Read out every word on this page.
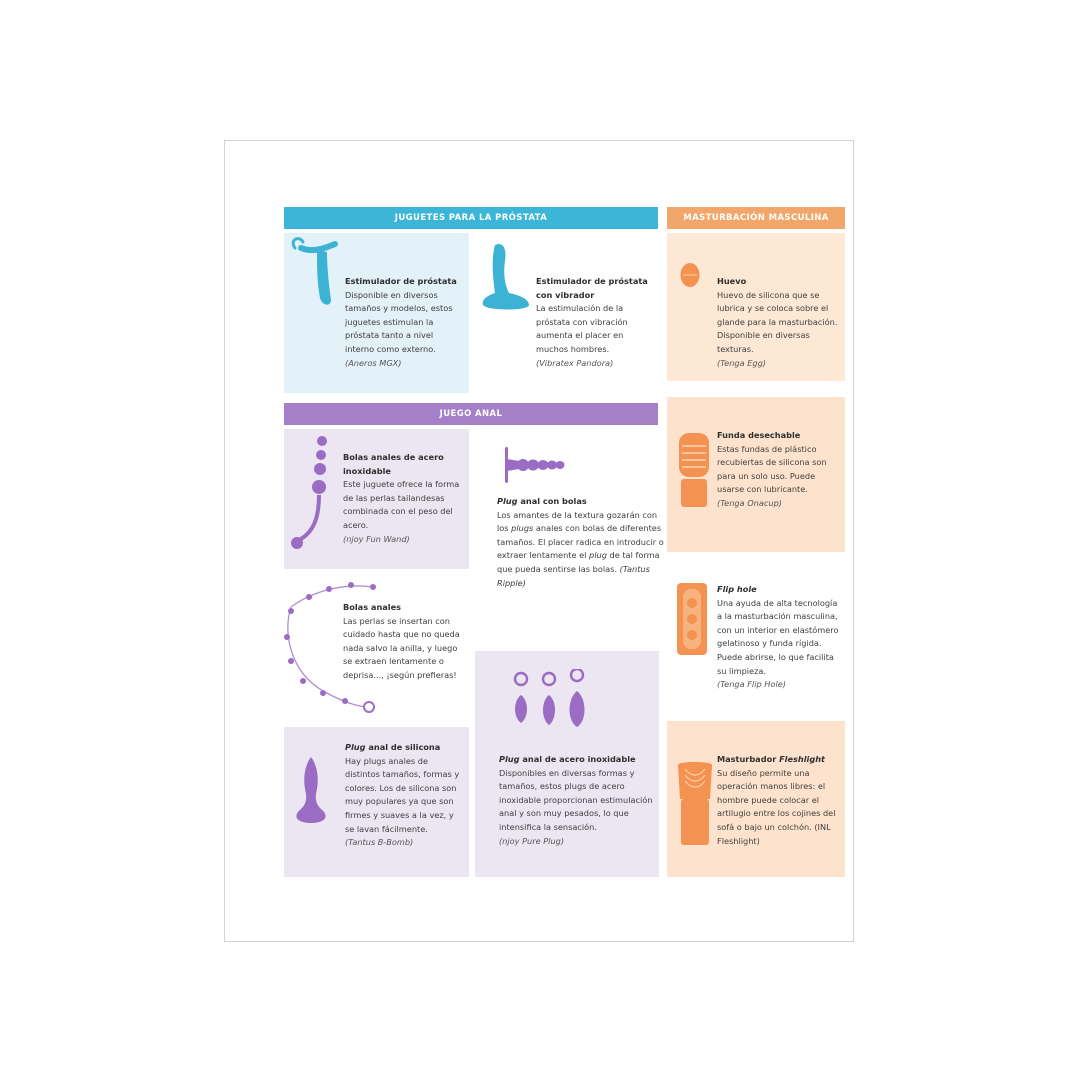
JUGUETES PARA LA PRÓSTATA	MASTURBACIÓN MASCULINA
Estimulador de próstata
Disponible en diversos tamaños y modelos, estos juguetes estimulan la próstata tanto a nivel interno como externo.
(Aneros MGX)
Estimulador de próstata con vibrador
La estimulación de la próstata con vibración aumenta el placer en muchos hombres.
(Vibratex Pandora)
Huevo
Huevo de silicona que se lubrica y se coloca sobre el glande para la masturbación. Disponible en diversas texturas.
(Tenga Egg)
Funda desechable
Estas fundas de plástico recubiertas de silicona son para un solo uso. Puede usarse con lubricante.
(Tenga Onacup)
Flip hole
Una ayuda de alta tecnología a la masturbación masculina, con un interior en elastómero gelatinoso y funda rígida. Puede abrirse, lo que facilita su limpieza.
(Tenga Flip Hole)
Masturbador Fleshlight
Su diseño permite una operación manos libres: el hombre puede colocar el artilugio entre los cojines del sofá o bajo un colchón. (INL Fleshlight)
JUEGO ANAL
Bolas anales de acero inoxidable
Este juguete ofrece la forma de las perlas tailandesas combinada con el peso del acero.
(njoy Fun Wand)
Plug anal con bolas
Los amantes de la textura gozarán con los plugs anales con bolas de diferentes tamaños. El placer radica en introducir o extraer lentamente el plug de tal forma que pueda sentirse las bolas. (Tantus Ripple)
Bolas anales
Las perlas se insertan con cuidado hasta que no queda nada salvo la anilla, y luego se extraen lentamente o deprisa..., ¡según prefieras!
Plug anal de acero inoxidable
Disponibles en diversas formas y tamaños, estos plugs de acero inoxidable proporcionan estimulación anal y son muy pesados, lo que intensifica la sensación.
(njoy Pure Plug)
Plug anal de silicona
Hay plugs anales de distintos tamaños, formas y colores. Los de silicona son muy populares ya que son firmes y suaves a la vez, y se lavan fácilmente.
(Tantus B-Bomb)
